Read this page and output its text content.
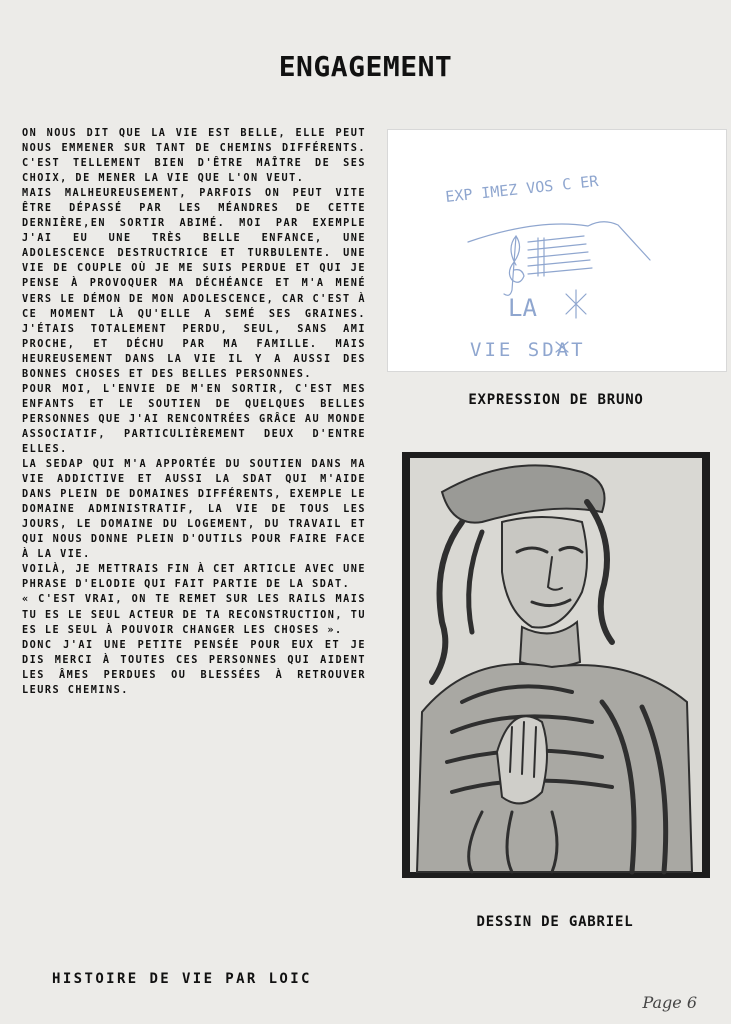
ENGAGEMENT

ON NOUS DIT QUE LA VIE EST BELLE, ELLE PEUT NOUS EMMENER SUR TANT DE CHEMINS DIFFÉRENTS. C'EST TELLEMENT BIEN D'ÊTRE MAÎTRE DE SES CHOIX, DE MENER LA VIE QUE L'ON VEUT.

MAIS MALHEUREUSEMENT, PARFOIS ON PEUT VITE ÊTRE DÉPASSÉ PAR LES MÉANDRES DE CETTE DERNIÈRE,EN SORTIR ABIMÉ. MOI PAR EXEMPLE J'AI EU UNE TRÈS BELLE ENFANCE, UNE ADOLESCENCE DESTRUCTRICE ET TURBULENTE. UNE VIE DE COUPLE OÙ JE ME SUIS PERDUE ET QUI JE PENSE À PROVOQUER MA DÉCHÉANCE ET M'A MENÉ VERS LE DÉMON DE MON ADOLESCENCE, CAR C'EST À CE MOMENT LÀ QU'ELLE A SEMÉ SES GRAINES. J'ÉTAIS TOTALEMENT PERDU, SEUL, SANS AMI PROCHE, ET DÉCHU PAR MA FAMILLE. MAIS HEUREUSEMENT DANS LA VIE IL Y A AUSSI DES BONNES CHOSES ET DES BELLES PERSONNES.

POUR MOI, L'ENVIE DE M'EN SORTIR, C'EST MES ENFANTS ET LE SOUTIEN DE QUELQUES BELLES PERSONNES QUE J'AI RENCONTRÉES GRÂCE AU MONDE ASSOCIATIF, PARTICULIÈREMENT DEUX D'ENTRE ELLES.

LA SEDAP QUI M'A APPORTÉE DU SOUTIEN DANS MA VIE ADDICTIVE ET AUSSI LA SDAT QUI M'AIDE DANS PLEIN DE DOMAINES DIFFÉRENTS, EXEMPLE LE DOMAINE ADMINISTRATIF, LA VIE DE TOUS LES JOURS, LE DOMAINE DU LOGEMENT, DU TRAVAIL ET QUI NOUS DONNE PLEIN D'OUTILS POUR FAIRE FACE À LA VIE.

VOILÀ, JE METTRAIS FIN À CET ARTICLE AVEC UNE PHRASE D'ELODIE QUI FAIT PARTIE DE LA SDAT.

« C'EST VRAI, ON TE REMET SUR LES RAILS MAIS TU ES LE SEUL ACTEUR DE TA RECONSTRUCTION, TU ES LE SEUL À POUVOIR CHANGER LES CHOSES ».

DONC J'AI UNE PETITE PENSÉE POUR EUX ET JE DIS MERCI À TOUTES CES PERSONNES QUI AIDENT LES ÂMES PERDUES OU BLESSÉES À RETROUVER LEURS CHEMINS.

HISTOIRE DE VIE PAR LOIC
EXP IMEZ VOS C ER
LA
VIE SDAT
EXPRESSION DE BRUNO
DESSIN DE GABRIEL
Page 6
